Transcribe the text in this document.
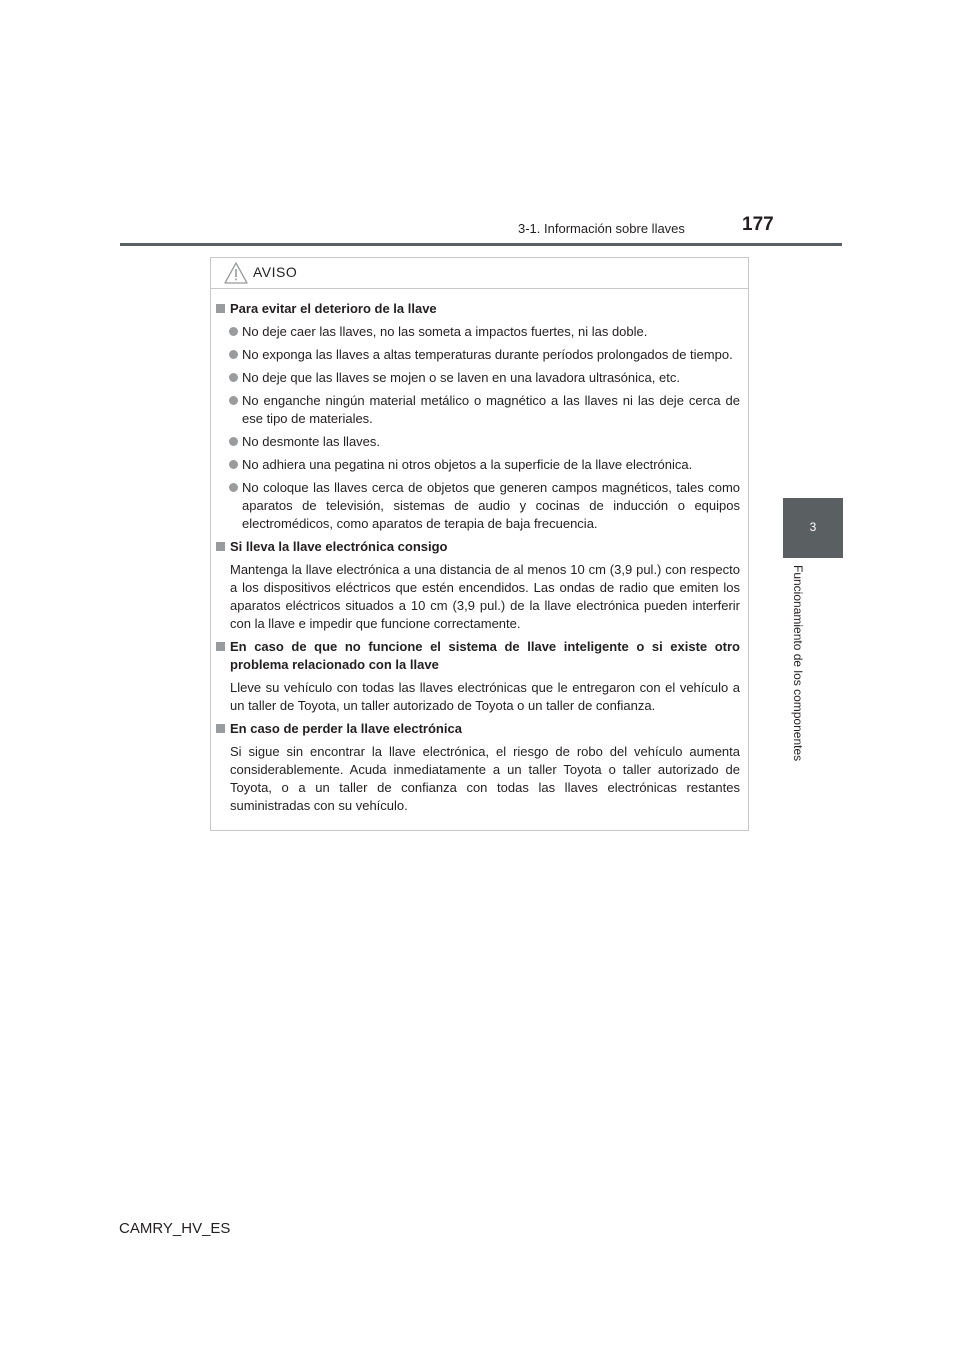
3-1. Información sobre llaves	177
3
Funcionamiento de los componentes
AVISO
Para evitar el deterioro de la llave
No deje caer las llaves, no las someta a impactos fuertes, ni las doble.
No exponga las llaves a altas temperaturas durante períodos prolongados de tiempo.
No deje que las llaves se mojen o se laven en una lavadora ultrasónica, etc.
No enganche ningún material metálico o magnético a las llaves ni las deje cerca de ese tipo de materiales.
No desmonte las llaves.
No adhiera una pegatina ni otros objetos a la superficie de la llave electrónica.
No coloque las llaves cerca de objetos que generen campos magnéticos, tales como aparatos de televisión, sistemas de audio y cocinas de inducción o equipos electromédicos, como aparatos de terapia de baja frecuencia.
Si lleva la llave electrónica consigo

Mantenga la llave electrónica a una distancia de al menos 10 cm (3,9 pul.) con respecto a los dispositivos eléctricos que estén encendidos. Las ondas de radio que emiten los aparatos eléctricos situados a 10 cm (3,9 pul.) de la llave electrónica pueden interferir con la llave e impedir que funcione correctamente.

En caso de que no funcione el sistema de llave inteligente o si existe otro problema relacionado con la llave

Lleve su vehículo con todas las llaves electrónicas que le entregaron con el vehículo a un taller de Toyota, un taller autorizado de Toyota o un taller de confianza.

En caso de perder la llave electrónica

Si sigue sin encontrar la llave electrónica, el riesgo de robo del vehículo aumenta considerablemente. Acuda inmediatamente a un taller Toyota o taller autorizado de Toyota, o a un taller de confianza con todas las llaves electrónicas restantes suministradas con su vehículo.

CAMRY_HV_ES
